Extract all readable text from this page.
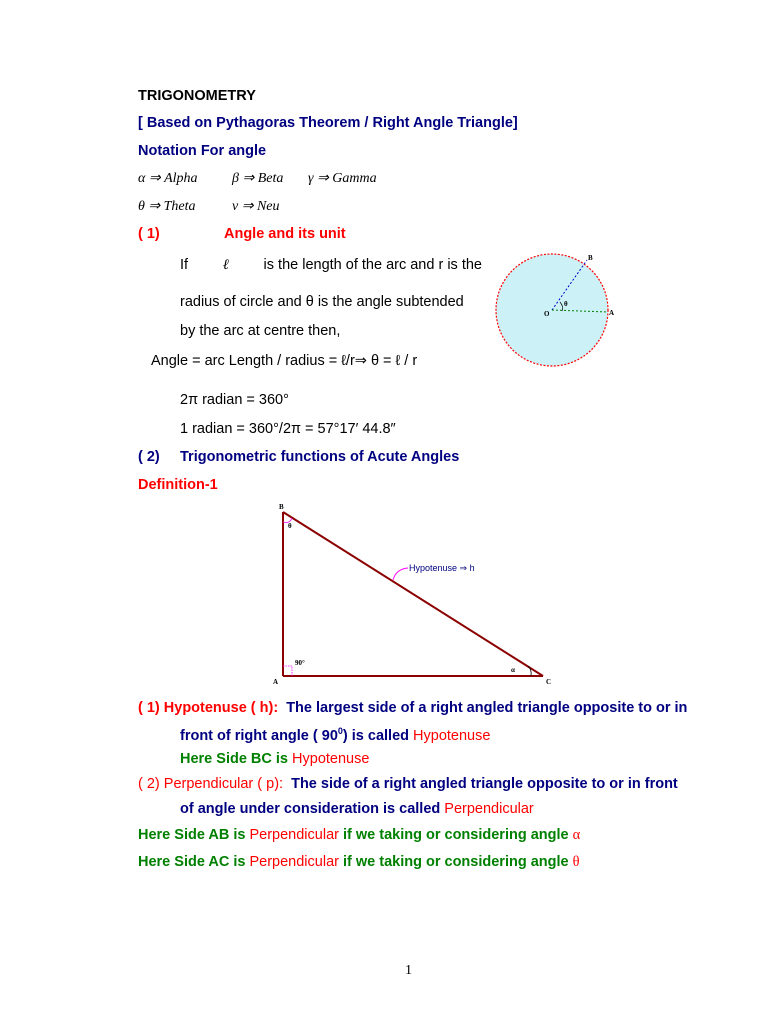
TRIGONOMETRY
[ Based on Pythagoras Theorem / Right Angle Triangle]
Notation For angle
α ⇒ Alpha β ⇒ Beta γ ⇒ Gamma
θ ⇒ Theta	ν ⇒ Neu
( 1)	Angle and its unit
If ℓ is the length of the arc and r is the
radius of circle and θ is the angle subtended
by the arc at centre then,
Angle = arc Length / radius = ℓ/r⇒ θ = ℓ / r
2π radian = 360°
1 radian = 360°/2π = 57°17′ 44.8″
B
O	A
θ
( 2) Trigonometric functions of Acute Angles
Definition-1
B
θ
90°
A
α
C
Hypotenuse ⇒ h
( 1) Hypotenuse ( h): The largest side of a right angled triangle opposite to or in
front of right angle ( $90^0$) is called Hypotenuse
Here Side BC is Hypotenuse
( 2) Perpendicular ( p): The side of a right angled triangle opposite to or in front
of angle under consideration is called Perpendicular
Here Side AB is Perpendicular if we taking or considering angle α
Here Side AC is Perpendicular if we taking or considering angle θ
1
